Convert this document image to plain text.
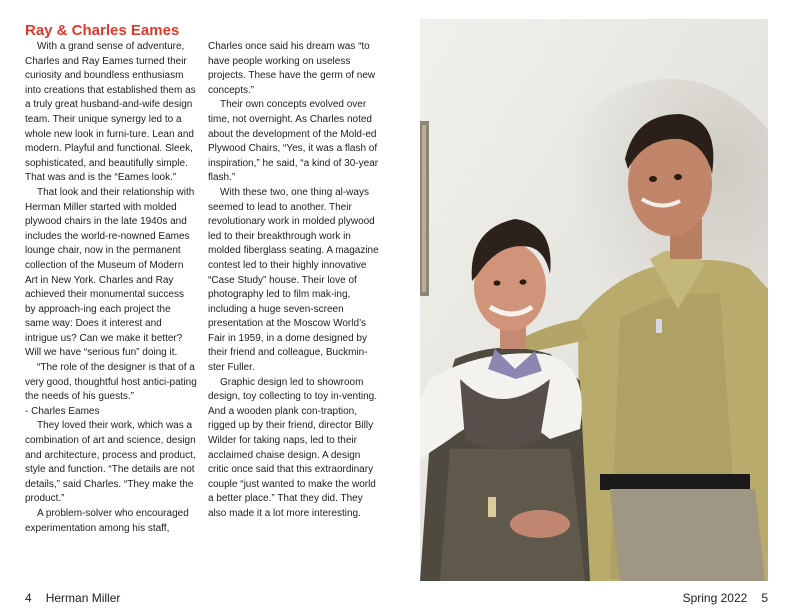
Ray & Charles Eames

With a grand sense of adventure, Charles and Ray Eames turned their curiosity and boundless enthusiasm into creations that established them as a truly great husband-and-wife design team. Their unique synergy led to a whole new look in furni-ture. Lean and modern. Playful and functional. Sleek, sophisticated, and beautifully simple. That was and is the “Eames look.”

That look and their relationship with Herman Miller started with molded plywood chairs in the late 1940s and includes the world-re-nowned Eames lounge chair, now in the permanent collection of the Museum of Modern Art in New York. Charles and Ray achieved their monumental success by approach-ing each project the same way: Does it interest and intrigue us? Can we make it better? Will we have “serious fun” doing it.

“The role of the designer is that of a very good, thoughtful host antici-pating the needs of his guests.”

- Charles Eames

They loved their work, which was a combination of art and science, design and architecture, process and product, style and function. “The details are not details,” said Charles. “They make the product.”

A problem-solver who encouraged experimentation among his staff,

Charles once said his dream was “to have people working on useless projects. These have the germ of new concepts.”

Their own concepts evolved over time, not overnight. As Charles noted about the development of the Mold-ed Plywood Chairs, “Yes, it was a flash of inspiration,” he said, “a kind of 30-year flash.”

With these two, one thing al-ways seemed to lead to another. Their revolutionary work in molded plywood led to their breakthrough work in molded fiberglass seating. A magazine contest led to their highly innovative “Case Study” house. Their love of photography led to film mak-ing, including a huge seven-screen presentation at the Moscow World’s Fair in 1959, in a dome designed by their friend and colleague, Buckmin-ster Fuller.

Graphic design led to showroom design, toy collecting to toy in-venting. And a wooden plank con-traption, rigged up by their friend, director Billy Wilder for taking naps, led to their acclaimed chaise design. A design critic once said that this extraordinary couple “just wanted to make the world a better place.” That they did. They also made it a lot more interesting.

4 Herman Miller	Spring 2022 5
